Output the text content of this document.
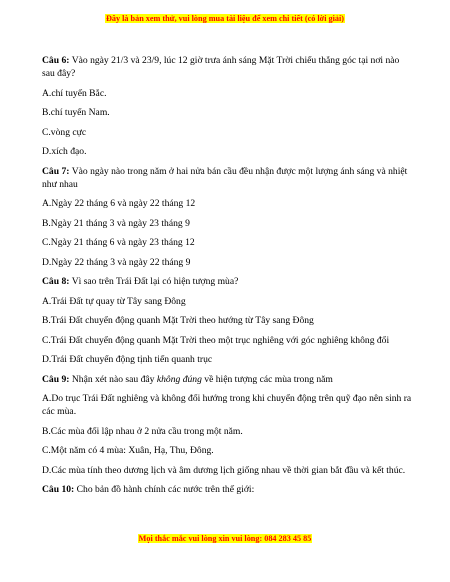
Đây là bản xem thử, vui lòng mua tài liệu để xem chi tiết (có lời giải)

Câu 6: Vào ngày 21/3 và 23/9, lúc 12 giờ trưa ánh sáng Mặt Trời chiếu thẳng góc tại nơi nào sau đây?

A.chí tuyến Bắc.

B.chí tuyến Nam.

C.vòng cực

D.xích đạo.

Câu 7: Vào ngày nào trong năm ở hai nửa bán cầu đều nhận được một lượng ánh sáng và nhiệt như nhau

A.Ngày 22 tháng 6 và ngày 22 tháng 12

B.Ngày 21 tháng 3 và ngày 23 tháng 9

C.Ngày 21 tháng 6 và ngày 23 tháng 12

D.Ngày 22 tháng 3 và ngày 22 tháng 9

Câu 8: Vì sao trên Trái Đất lại có hiện tượng mùa?

A.Trái Đất tự quay từ Tây sang Đông

B.Trái Đất chuyển động quanh Mặt Trời theo hướng từ Tây sang Đông

C.Trái Đất chuyển động quanh Mặt Trời theo một trục nghiêng với góc nghiêng không đổi

D.Trái Đất chuyển động tịnh tiến quanh trục

Câu 9: Nhận xét nào sau đây không đúng về hiện tượng các mùa trong năm

A.Do trục Trái Đất nghiêng và không đổi hướng trong khi chuyển động trên quỹ đạo nên sinh ra các mùa.

B.Các mùa đối lập nhau ở 2 nửa cầu trong một năm.

C.Một năm có 4 mùa: Xuân, Hạ, Thu, Đông.

D.Các mùa tính theo dương lịch và âm dương lịch giống nhau về thời gian bắt đầu và kết thúc.

Câu 10: Cho bản đồ hành chính các nước trên thế giới:

Mọi thắc mắc vui lòng xin vui lòng: 084 283 45 85
